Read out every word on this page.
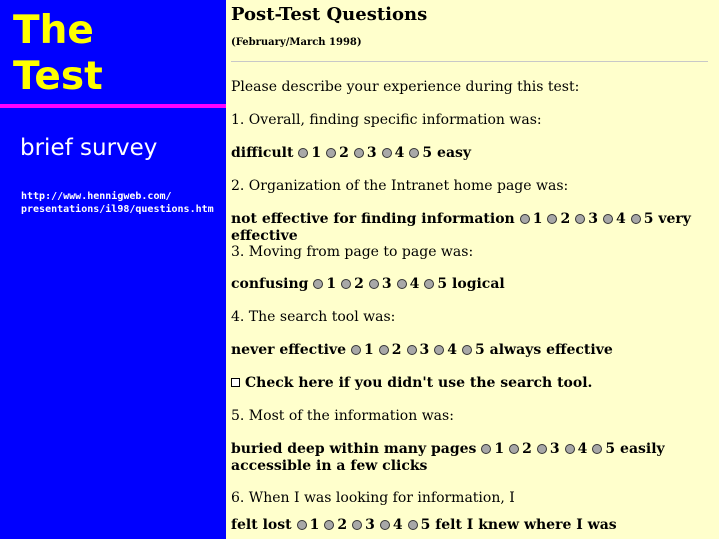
The
Test
brief survey
http://www.hennigweb.com/
presentations/il98/questions.htm
Post-Test Questions
(February/March 1998)
Please describe your experience during this test:
1. Overall, finding specific information was:
difficult 1 2 3 4 5 easy
2. Organization of the Intranet home page was:
not effective for finding information 1 2 3 4 5 very effective
3. Moving from page to page was:
confusing 1 2 3 4 5 logical
4. The search tool was:
never effective 1 2 3 4 5 always effective
Check here if you didn't use the search tool.
5. Most of the information was:
buried deep within many pages 1 2 3 4 5 easily accessible in a few clicks
6. When I was looking for information, I
felt lost 1 2 3 4 5 felt I knew where I was
